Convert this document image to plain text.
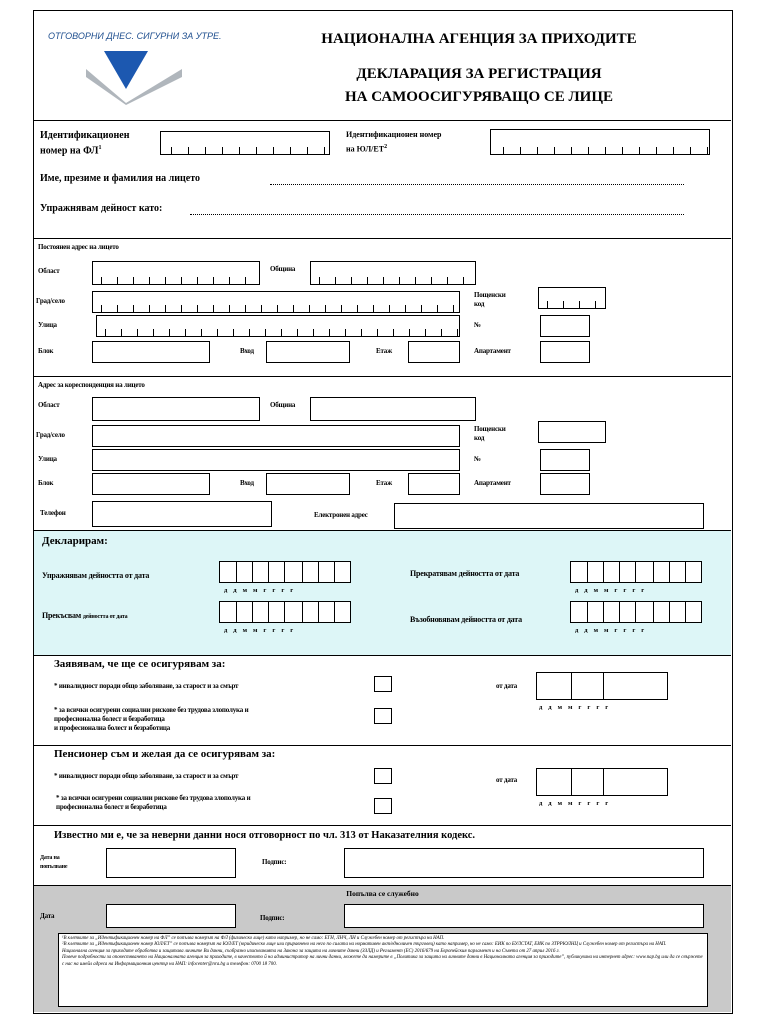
ОТГОВОРНИ ДНЕС. СИГУРНИ ЗА УТРЕ.	НАЦИОНАЛНА АГЕНЦИЯ ЗА ПРИХОДИТЕ
ДЕКЛАРАЦИЯ ЗА РЕГИСТРАЦИЯ
НА САМООСИГУРЯВАЩО СЕ ЛИЦЕ
Идентификационен
номер на $ФЛ^1$
Идентификационен номер
на $ЮЛ/ЕТ^2$
Име, презиме и фамилия на лицето
Упражнявам дейност като:
Постоянен адрес на лицето
Област	Община
Град/село
Пощенски
код
Улица	№
Блок	Вход	Етаж	Апартамент
Адрес за кореспонденция на лицето
Област	Община
Град/село
Пощенски
код
Улица	№
Блок	Вход	Етаж	Апартамент
Телефон	Електронен адрес
Декларирам:
Упражнявам дейността от дата
ддммгггг
Прекратявам дейността от дата
ддммгггг
Прекъсвам дейността от дата
ддммгггг
Възобновявам дейността от дата
ддммгггг
Заявявам, че ще се осигурявам за:
* инвалидност поради общо заболяване, за старост и за смърт
* за всички осигурени социални рискове без трудова злополука и
професионална болест и безработица
и професионална болест и безработица
от дата
ддммгггг
Пенсионер съм и желая да се осигурявам за:
* инвалидност поради общо заболяване, за старост и за смърт
* за всички осигурени социални рискове без трудова злополука и
професионална болест и безработица
от дата
ддммгггг
Известно ми е, че за неверни данни нося отговорност по чл. 313 от Наказателния кодекс.
Дата на
попълване
Подпис:
Попълва се служебно
Дата	Подпис:
¹В клетките за „Идентификационен номер на ФЛ” се попълва номерът на ФЛ (физическо лице) като например, но не само: ЕГН, ЛНЧ, ЛН и Служебен номер от регистъра на НАП.
²В клетките за „Идентификационен номер ЮЛ/ЕТ” се попълва номерът на ЮЛ/ЕТ (юридическо лице или приравнено на него по силата на нормативен акт/едноличен търговец) като например, но не само: ЕИК по БУЛСТАТ, ЕИК по ЗТРРЮЛНЦ и Служебен номер от регистъра на НАП.
Национална агенция за приходите обработва и защитава личните Ви данни, съобразно изискванията на Закона за защита на личните данни (ЗЗЛД) и Регламент (ЕС) 2016/679 на Европейския парламент и на Съвета от 27 април 2016 г.
Повече подробности за оповестяването на Националната агенция за приходите, в качеството й на администратор на лични данни, можете да намерите в „Политика за защита на личните данни в Националната агенция за приходите”, публикувана на интернет адрес: www.nap.bg или да се свържете с нас на имейл адреса на Информационния център на НАП: infocenter@nra.bg и телефон: 0700 18 700.
